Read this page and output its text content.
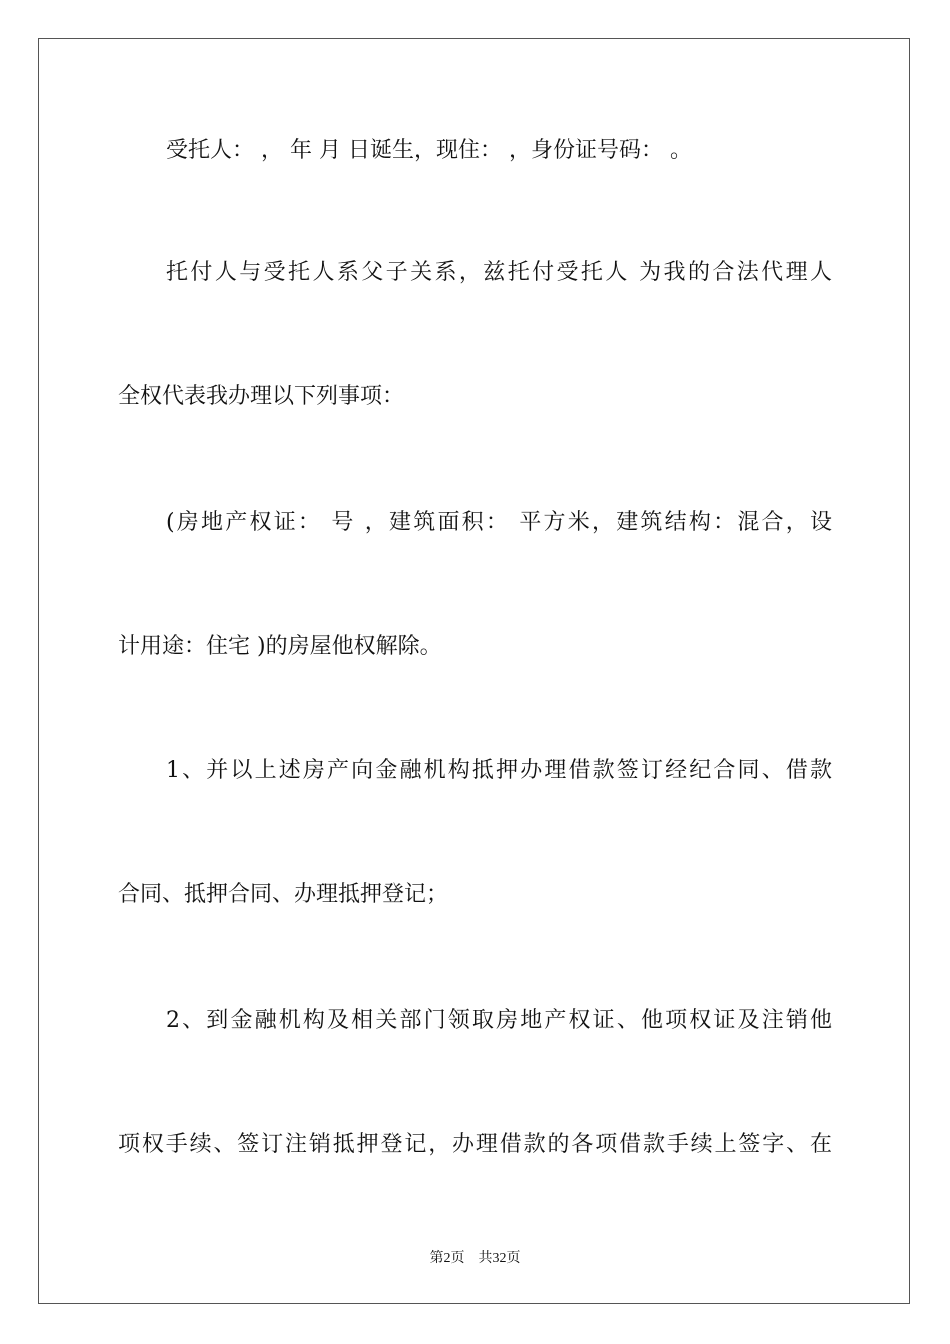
受托人： ， 年 月 日诞生，现住： ，身份证号码： 。
托付人与受托人系父子关系，兹托付受托人 为我的合法代理人
全权代表我办理以下列事项：
(房地产权证： 号 ，建筑面积： 平方米，建筑结构：混合，设
计用途：住宅 )的房屋他权解除。
1、并以上述房产向金融机构抵押办理借款签订经纪合同、借款
合同、抵押合同、办理抵押登记；
2、到金融机构及相关部门领取房地产权证、他项权证及注销他
项权手续、签订注销抵押登记，办理借款的各项借款手续上签字、在
第2页 共32页
